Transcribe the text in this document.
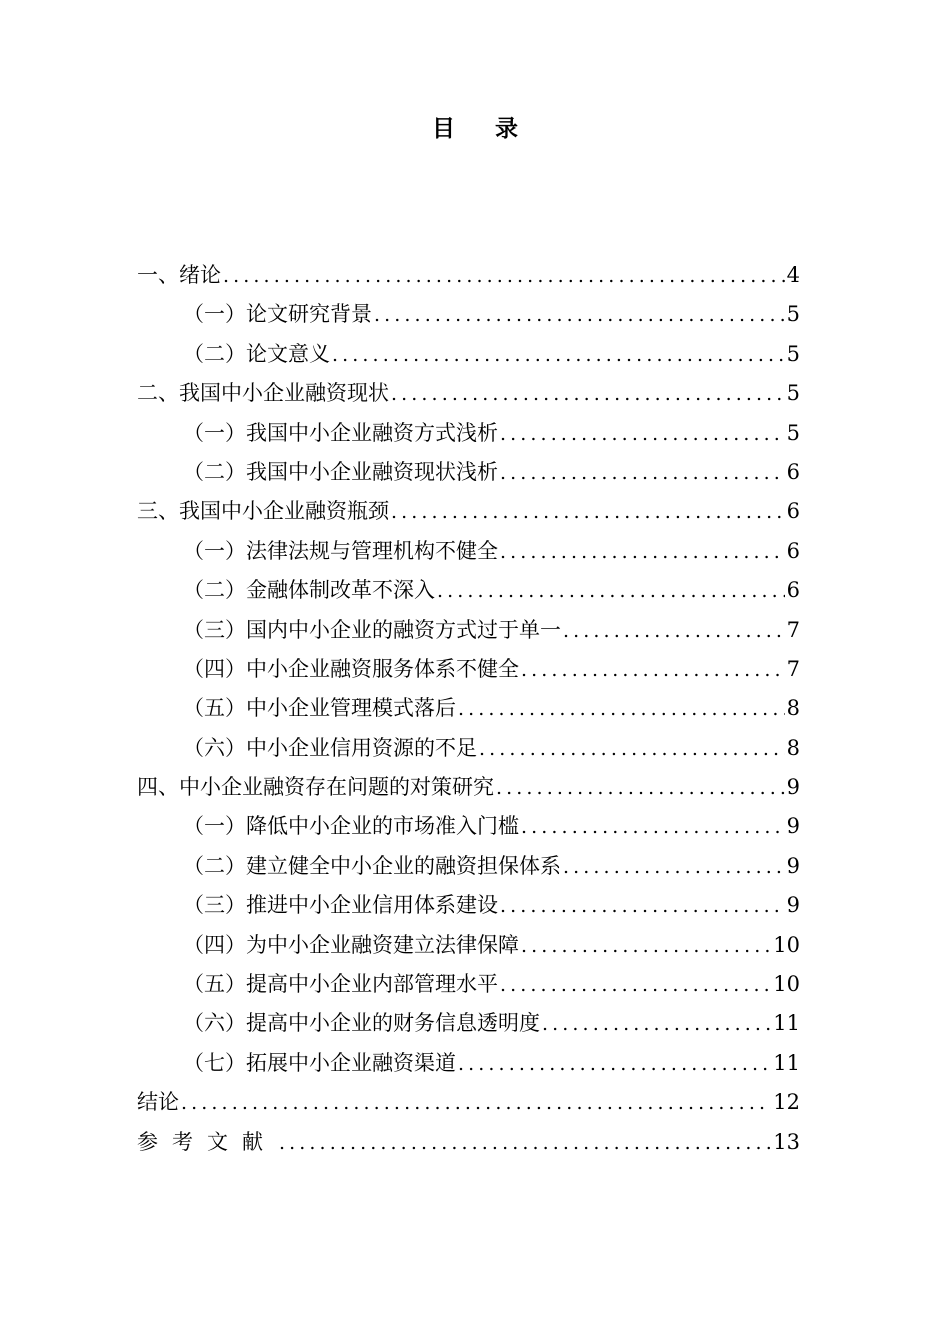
目 录
一、绪论 .....	4
（一）论文研究背景 .....	5
（二）论文意义 .....	5
二、我国中小企业融资现状 .....	5
（一）我国中小企业融资方式浅析 .....	5
（二）我国中小企业融资现状浅析 .....	6
三、我国中小企业融资瓶颈 .....	6
（一）法律法规与管理机构不健全 .....	6
（二）金融体制改革不深入 .....	6
（三）国内中小企业的融资方式过于单一 .....	7
（四）中小企业融资服务体系不健全 .....	7
（五）中小企业管理模式落后 .....	8
（六）中小企业信用资源的不足 .....	8
四、中小企业融资存在问题的对策研究 .....	9
（一）降低中小企业的市场准入门槛 .....	9
（二）建立健全中小企业的融资担保体系 .....	9
（三）推进中小企业信用体系建设 .....	9
（四）为中小企业融资建立法律保障 .....	10
（五）提高中小企业内部管理水平 .....	10
（六）提高中小企业的财务信息透明度 .....	11
（七）拓展中小企业融资渠道 .....	11
结论 .....	12
参考文献 .....	13
